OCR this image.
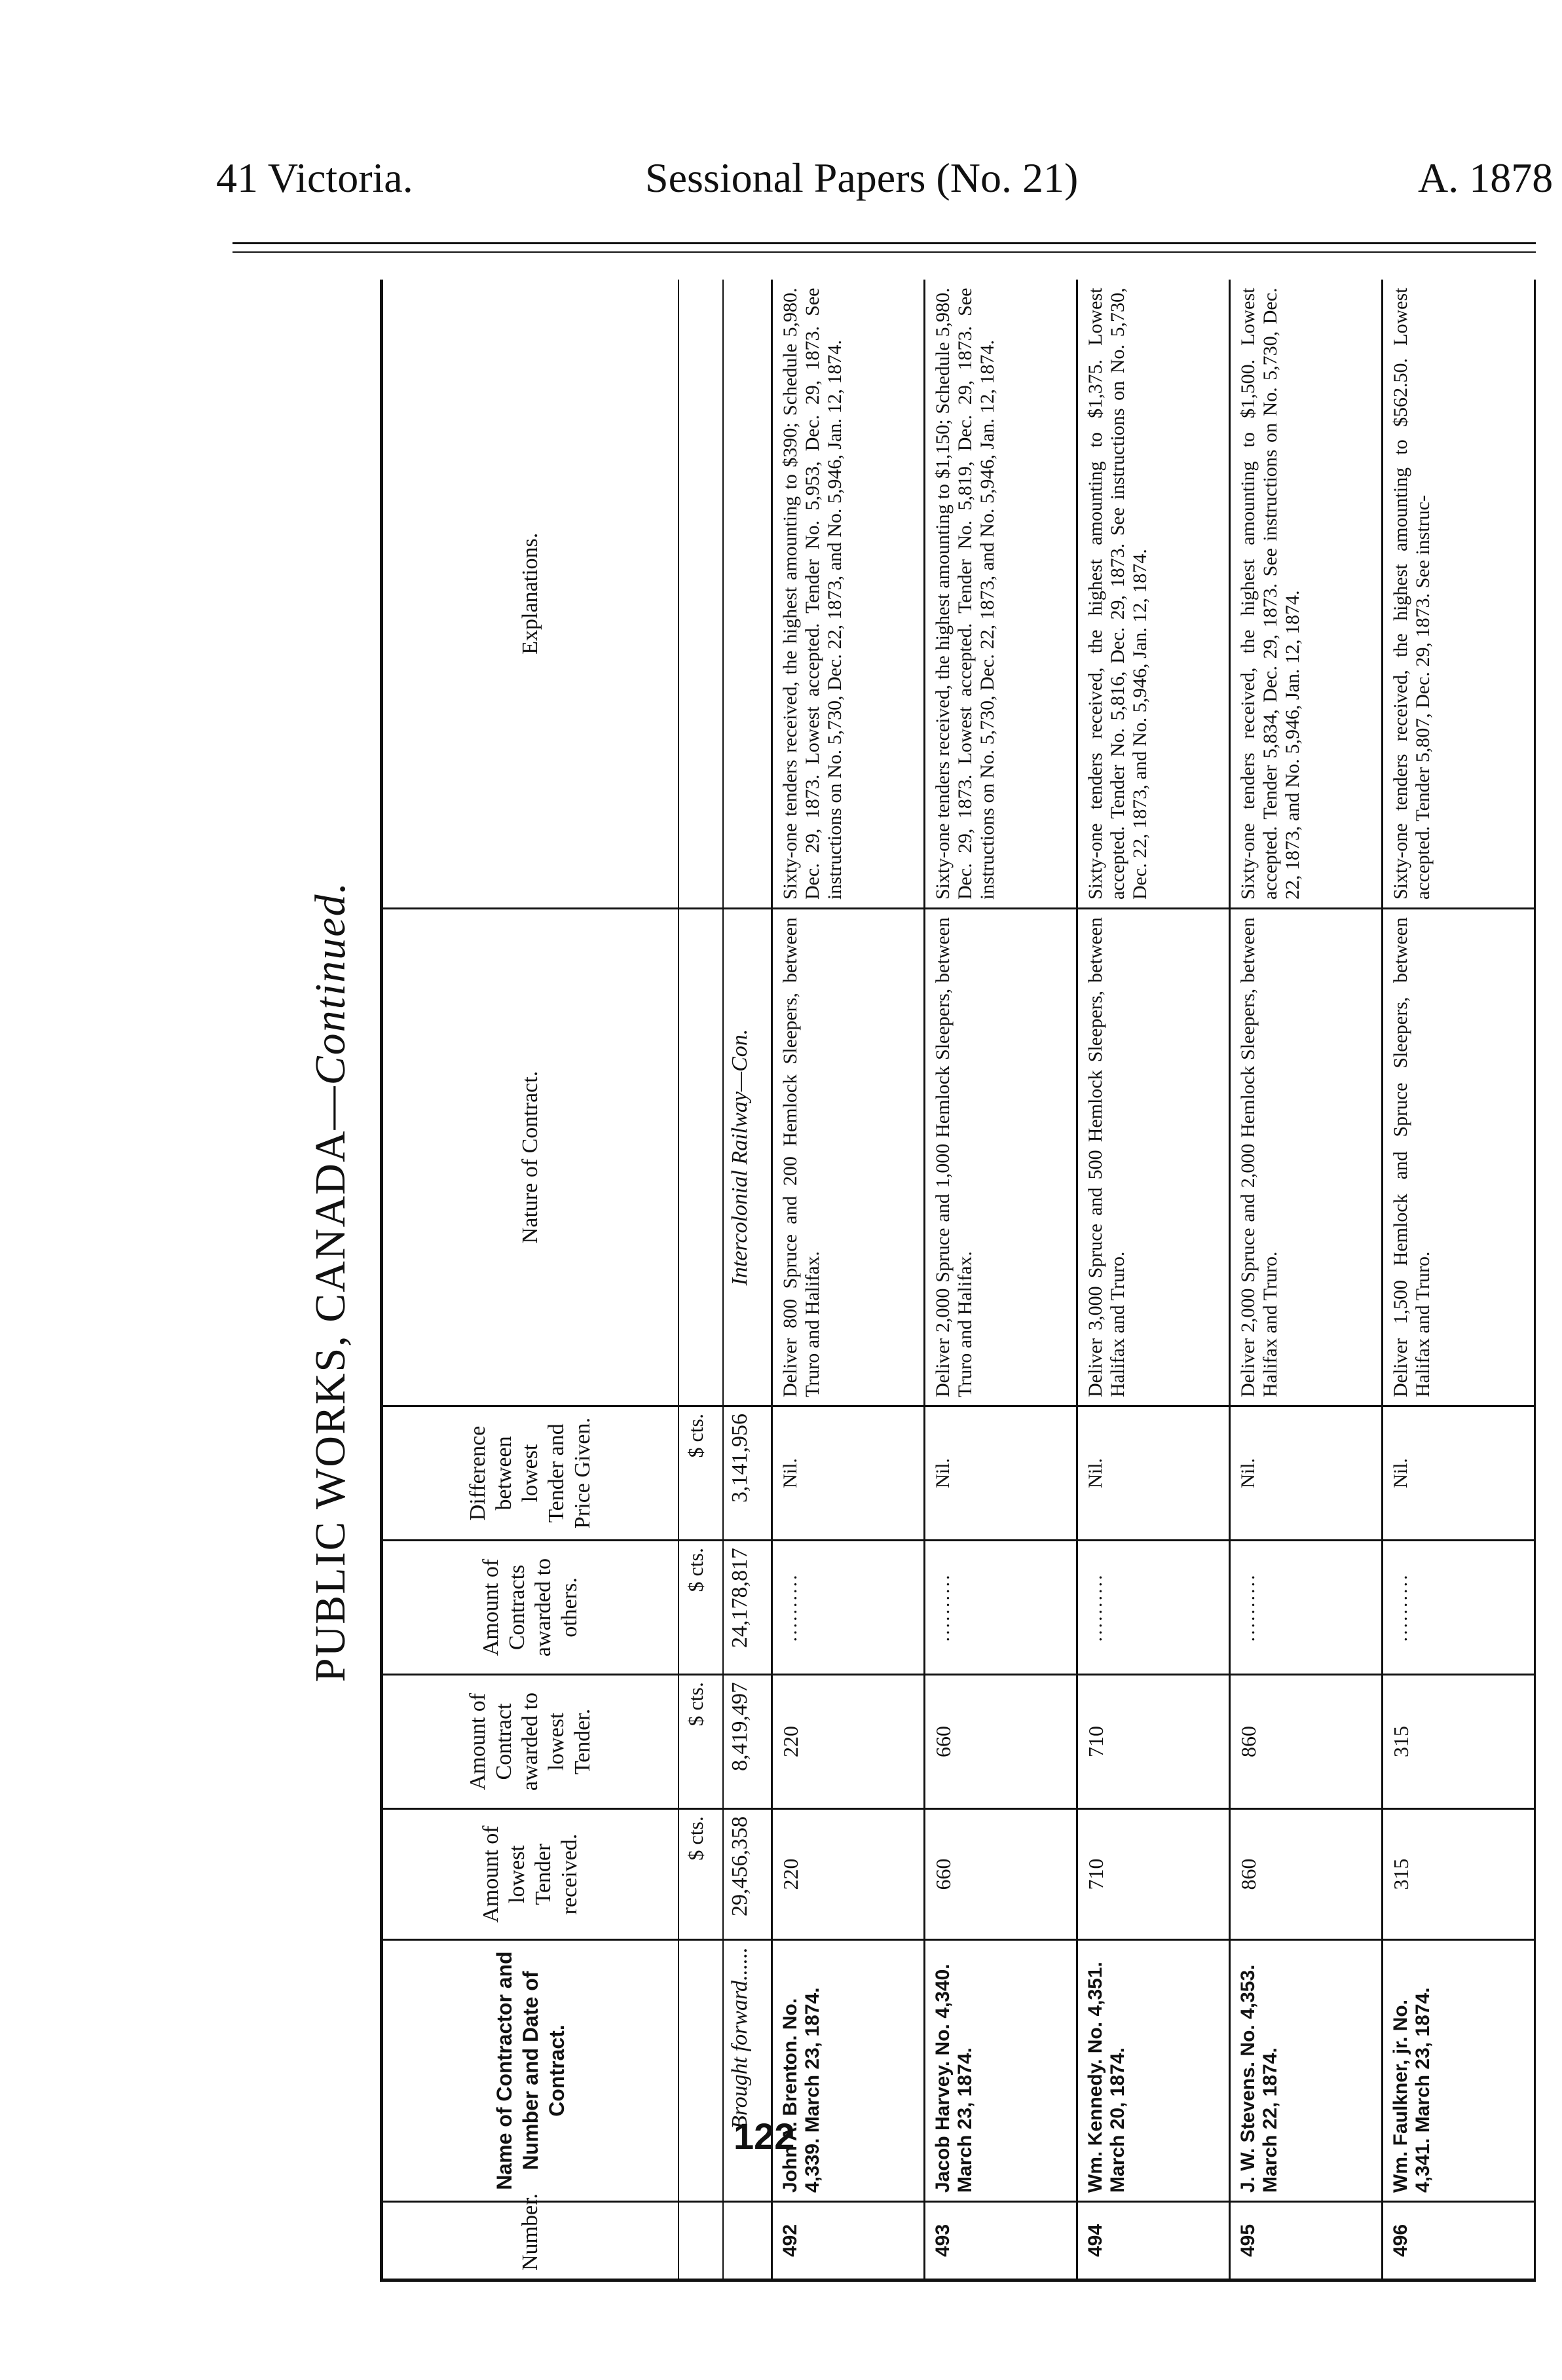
41 Victoria.	Sessional Papers (No. 21)	A. 1878
PUBLIC WORKS, CANADA—Continued.
Number.	Name of Contractor and Number and Date of Contract.	Amount of lowest Tender received.	Amount of Contract awarded to lowest Tender.	Amount of Contracts awarded to others.	Difference between lowest Tender and Price Given.	Nature of Contract.	Explanations.
		$ cts.	$ cts.	$ cts.	$ cts.		
	Brought forward......	29,456,358	8,419,497	24,178,817	3,141,956	Intercolonial Railway—Con.	
492	John A. Brenton. No. 4,339. March 23, 1874.	220	220	..........	Nil.	Deliver 800 Spruce and 200 Hemlock Sleepers, between Truro and Halifax.	Sixty-one tenders received, the highest amounting to $390; Schedule 5,980. Dec. 29, 1873. Lowest accepted. Tender No. 5,953, Dec. 29, 1873. See instructions on No. 5,730, Dec. 22, 1873, and No. 5,946, Jan. 12, 1874.
493	Jacob Harvey. No. 4,340. March 23, 1874.	660	660	..........	Nil.	Deliver 2,000 Spruce and 1,000 Hemlock Sleepers, between Truro and Halifax.	Sixty-one tenders received, the highest amounting to $1,150; Schedule 5,980. Dec. 29, 1873. Lowest accepted. Tender No. 5,819, Dec. 29, 1873. See instructions on No. 5,730, Dec. 22, 1873, and No. 5,946, Jan. 12, 1874.
494	Wm. Kennedy. No. 4,351. March 20, 1874.	710	710	..........	Nil.	Deliver 3,000 Spruce and 500 Hemlock Sleepers, between Halifax and Truro.	Sixty-one tenders received, the highest amounting to $1,375. Lowest accepted. Tender No. 5,816, Dec. 29, 1873. See instructions on No. 5,730, Dec. 22, 1873, and No. 5,946, Jan. 12, 1874.
495	J. W. Stevens. No. 4,353. March 22, 1874.	860	860	..........	Nil.	Deliver 2,000 Spruce and 2,000 Hemlock Sleepers, between Halifax and Truro.	Sixty-one tenders received, the highest amounting to $1,500. Lowest accepted. Tender 5,834, Dec. 29, 1873. See instructions on No. 5,730, Dec. 22, 1873, and No. 5,946, Jan. 12, 1874.
496	Wm. Faulkner, jr. No. 4,341. March 23, 1874.	315	315	..........	Nil.	Deliver 1,500 Hemlock and Spruce Sleepers, between Halifax and Truro.	Sixty-one tenders received, the highest amounting to $562.50. Lowest accepted. Tender 5,807, Dec. 29, 1873. See instruc-
122
